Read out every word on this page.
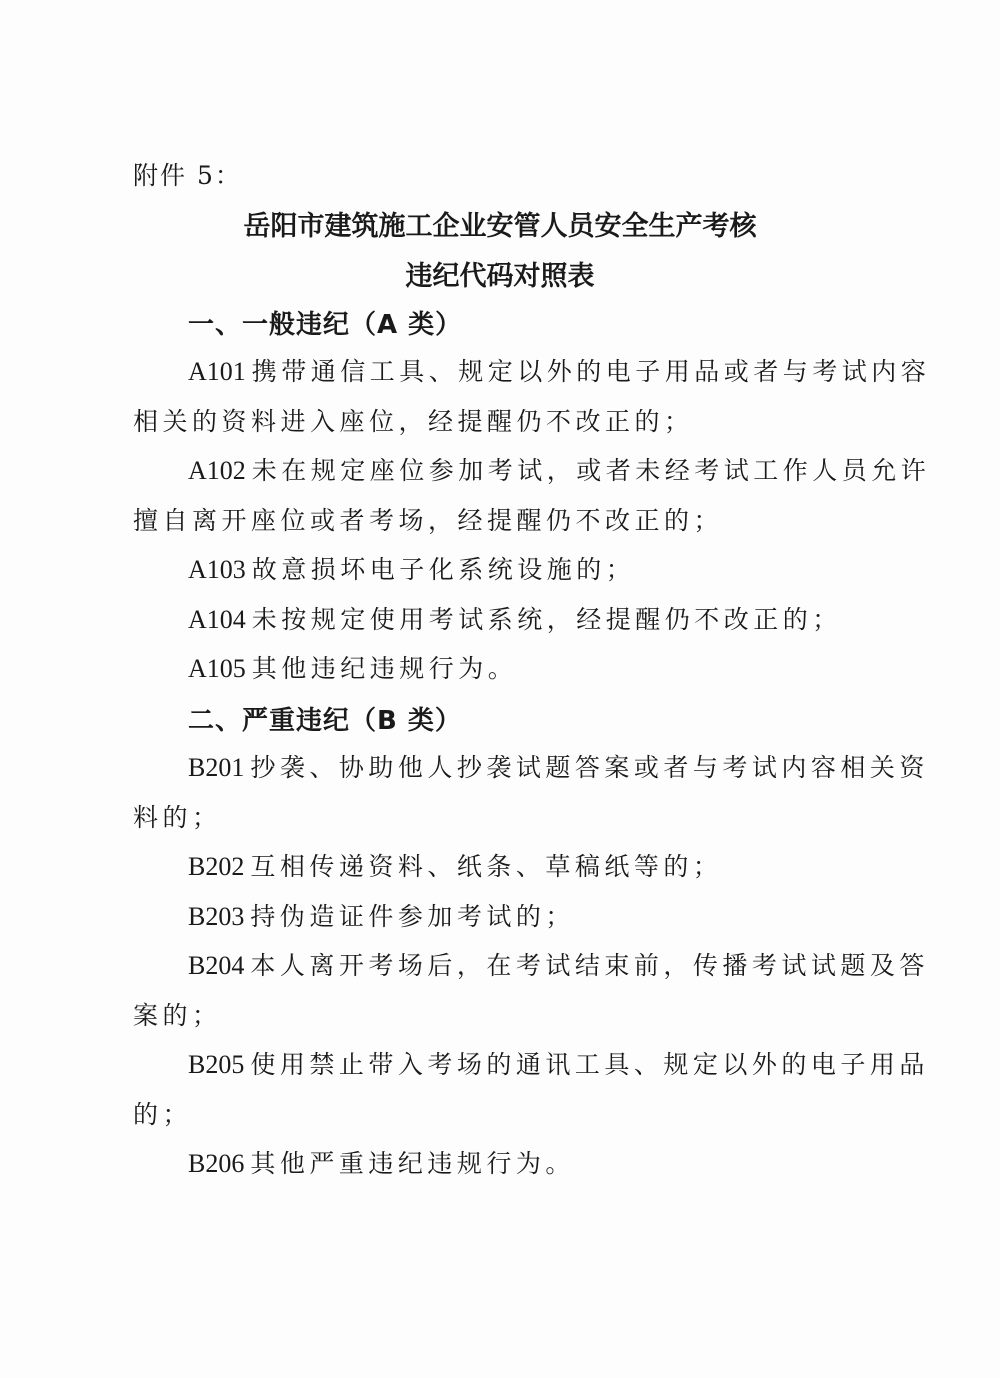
附件 5：
岳阳市建筑施工企业安管人员安全生产考核
违纪代码对照表
一、一般违纪（A 类）
A101 携带通信工具、规定以外的电子用品或者与考试内容
相关的资料进入座位，经提醒仍不改正的；
A102 未在规定座位参加考试，或者未经考试工作人员允许
擅自离开座位或者考场，经提醒仍不改正的；
A103 故意损坏电子化系统设施的；
A104 未按规定使用考试系统，经提醒仍不改正的；
A105 其他违纪违规行为。
二、严重违纪（B 类）
B201 抄袭、协助他人抄袭试题答案或者与考试内容相关资
料的；
B202 互相传递资料、纸条、草稿纸等的；
B203 持伪造证件参加考试的；
B204 本人离开考场后，在考试结束前，传播考试试题及答
案的；
B205 使用禁止带入考场的通讯工具、规定以外的电子用品
的；
B206 其他严重违纪违规行为。
